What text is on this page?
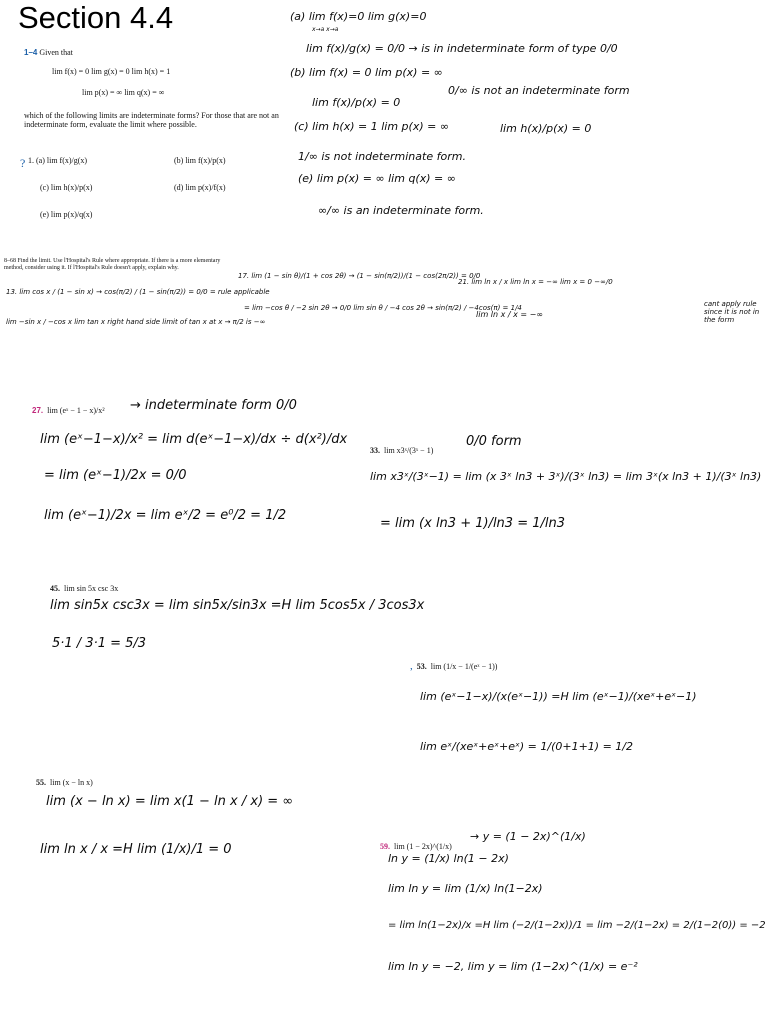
Section 4.4
1–4 Given that
lim f(x) = 0 lim g(x) = 0 lim h(x) = 1
lim p(x) = ∞ lim q(x) = ∞
which of the following limits are indeterminate forms? For those that are not an indeterminate form, evaluate the limit where possible.
1. (a) lim f(x)/g(x)	(b) lim f(x)/p(x)
(c) lim h(x)/p(x)	(d) lim p(x)/f(x)
(e) lim p(x)/q(x)
?
(a) lim f(x)=0 lim g(x)=0
x→a x→a
lim f(x)/g(x) = 0/0 → is in indeterminate form of type 0/0
(b) lim f(x) = 0 lim p(x) = ∞
0/∞ is not an indeterminate form
lim f(x)/p(x) = 0
(c) lim h(x) = 1 lim p(x) = ∞	lim h(x)/p(x) = 0
1/∞ is not indeterminate form.
(e) lim p(x) = ∞ lim q(x) = ∞
∞/∞ is an indeterminate form.
8–68 Find the limit. Use l'Hospital's Rule where appropriate. If there is a more elementary method, consider using it. If l'Hospital's Rule doesn't apply, explain why.
13. lim cos x / (1 − sin x) → cos(π/2) / (1 − sin(π/2)) = 0/0 = rule applicable
lim −sin x / −cos x lim tan x right hand side limit of tan x at x → π/2 is −∞
17. lim (1 − sin θ)/(1 + cos 2θ) → (1 − sin(π/2))/(1 − cos(2π/2)) = 0/0
= lim −cos θ / −2 sin 2θ → 0/0 lim sin θ / −4 cos 2θ → sin(π/2) / −4cos(π) = 1/4
21. lim ln x / x lim ln x = −∞ lim x = 0 −∞/0
lim ln x / x = −∞
cant apply rule since it is not in the form
27. lim (eˣ − 1 − x)/x² → indeterminate form 0/0
lim (eˣ−1−x)/x² = lim d(eˣ−1−x)/dx ÷ d(x²)/dx
= lim (eˣ−1)/2x = 0/0
lim (eˣ−1)/2x = lim eˣ/2 = e⁰/2 = 1/2
33. lim x3ˣ/(3ˣ − 1)
0/0 form
lim x3ˣ/(3ˣ−1) = lim (x 3ˣ ln3 + 3ˣ)/(3ˣ ln3) = lim 3ˣ(x ln3 + 1)/(3ˣ ln3)
= lim (x ln3 + 1)/ln3 = 1/ln3
45. lim sin 5x csc 3x
lim sin5x csc3x = lim sin5x/sin3x =H lim 5cos5x / 3cos3x
5·1 / 3·1 = 5/3
, 53. lim (1/x − 1/(eˣ − 1))
lim (eˣ−1−x)/(x(eˣ−1)) =H lim (eˣ−1)/(xeˣ+eˣ−1)
lim eˣ/(xeˣ+eˣ+eˣ) = 1/(0+1+1) = 1/2
55. lim (x − ln x)
lim (x − ln x) = lim x(1 − ln x / x) = ∞
lim ln x / x =H lim (1/x)/1 = 0	59. lim (1 − 2x)^(1/x)
→ y = (1 − 2x)^(1/x)
ln y = (1/x) ln(1 − 2x)
lim ln y = lim (1/x) ln(1−2x)
= lim ln(1−2x)/x =H lim (−2/(1−2x))/1 = lim −2/(1−2x) = 2/(1−2(0)) = −2
lim ln y = −2, lim y = lim (1−2x)^(1/x) = e⁻²
